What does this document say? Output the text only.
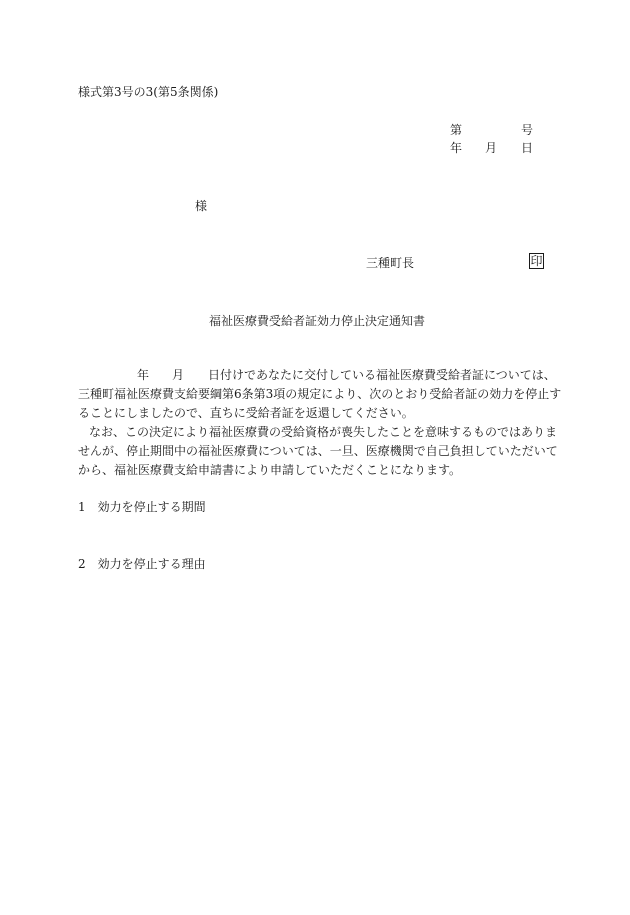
様式第3号の3(第5条関係)
第	号
年 月 日
様
三種町長	印
福祉医療費受給者証効力停止決定通知書
年 月 日付けであなたに交付している福祉医療費受給者証については、
三種町福祉医療費支給要綱第6条第3項の規定により、次のとおり受給者証の効力を停止す
ることにしましたので、直ちに受給者証を返還してください。
なお、この決定により福祉医療費の受給資格が喪失したことを意味するものではありま
せんが、停止期間中の福祉医療費については、一旦、医療機関で自己負担していただいて
から、福祉医療費支給申請書により申請していただくことになります。
1　効力を停止する期間
2　効力を停止する理由
